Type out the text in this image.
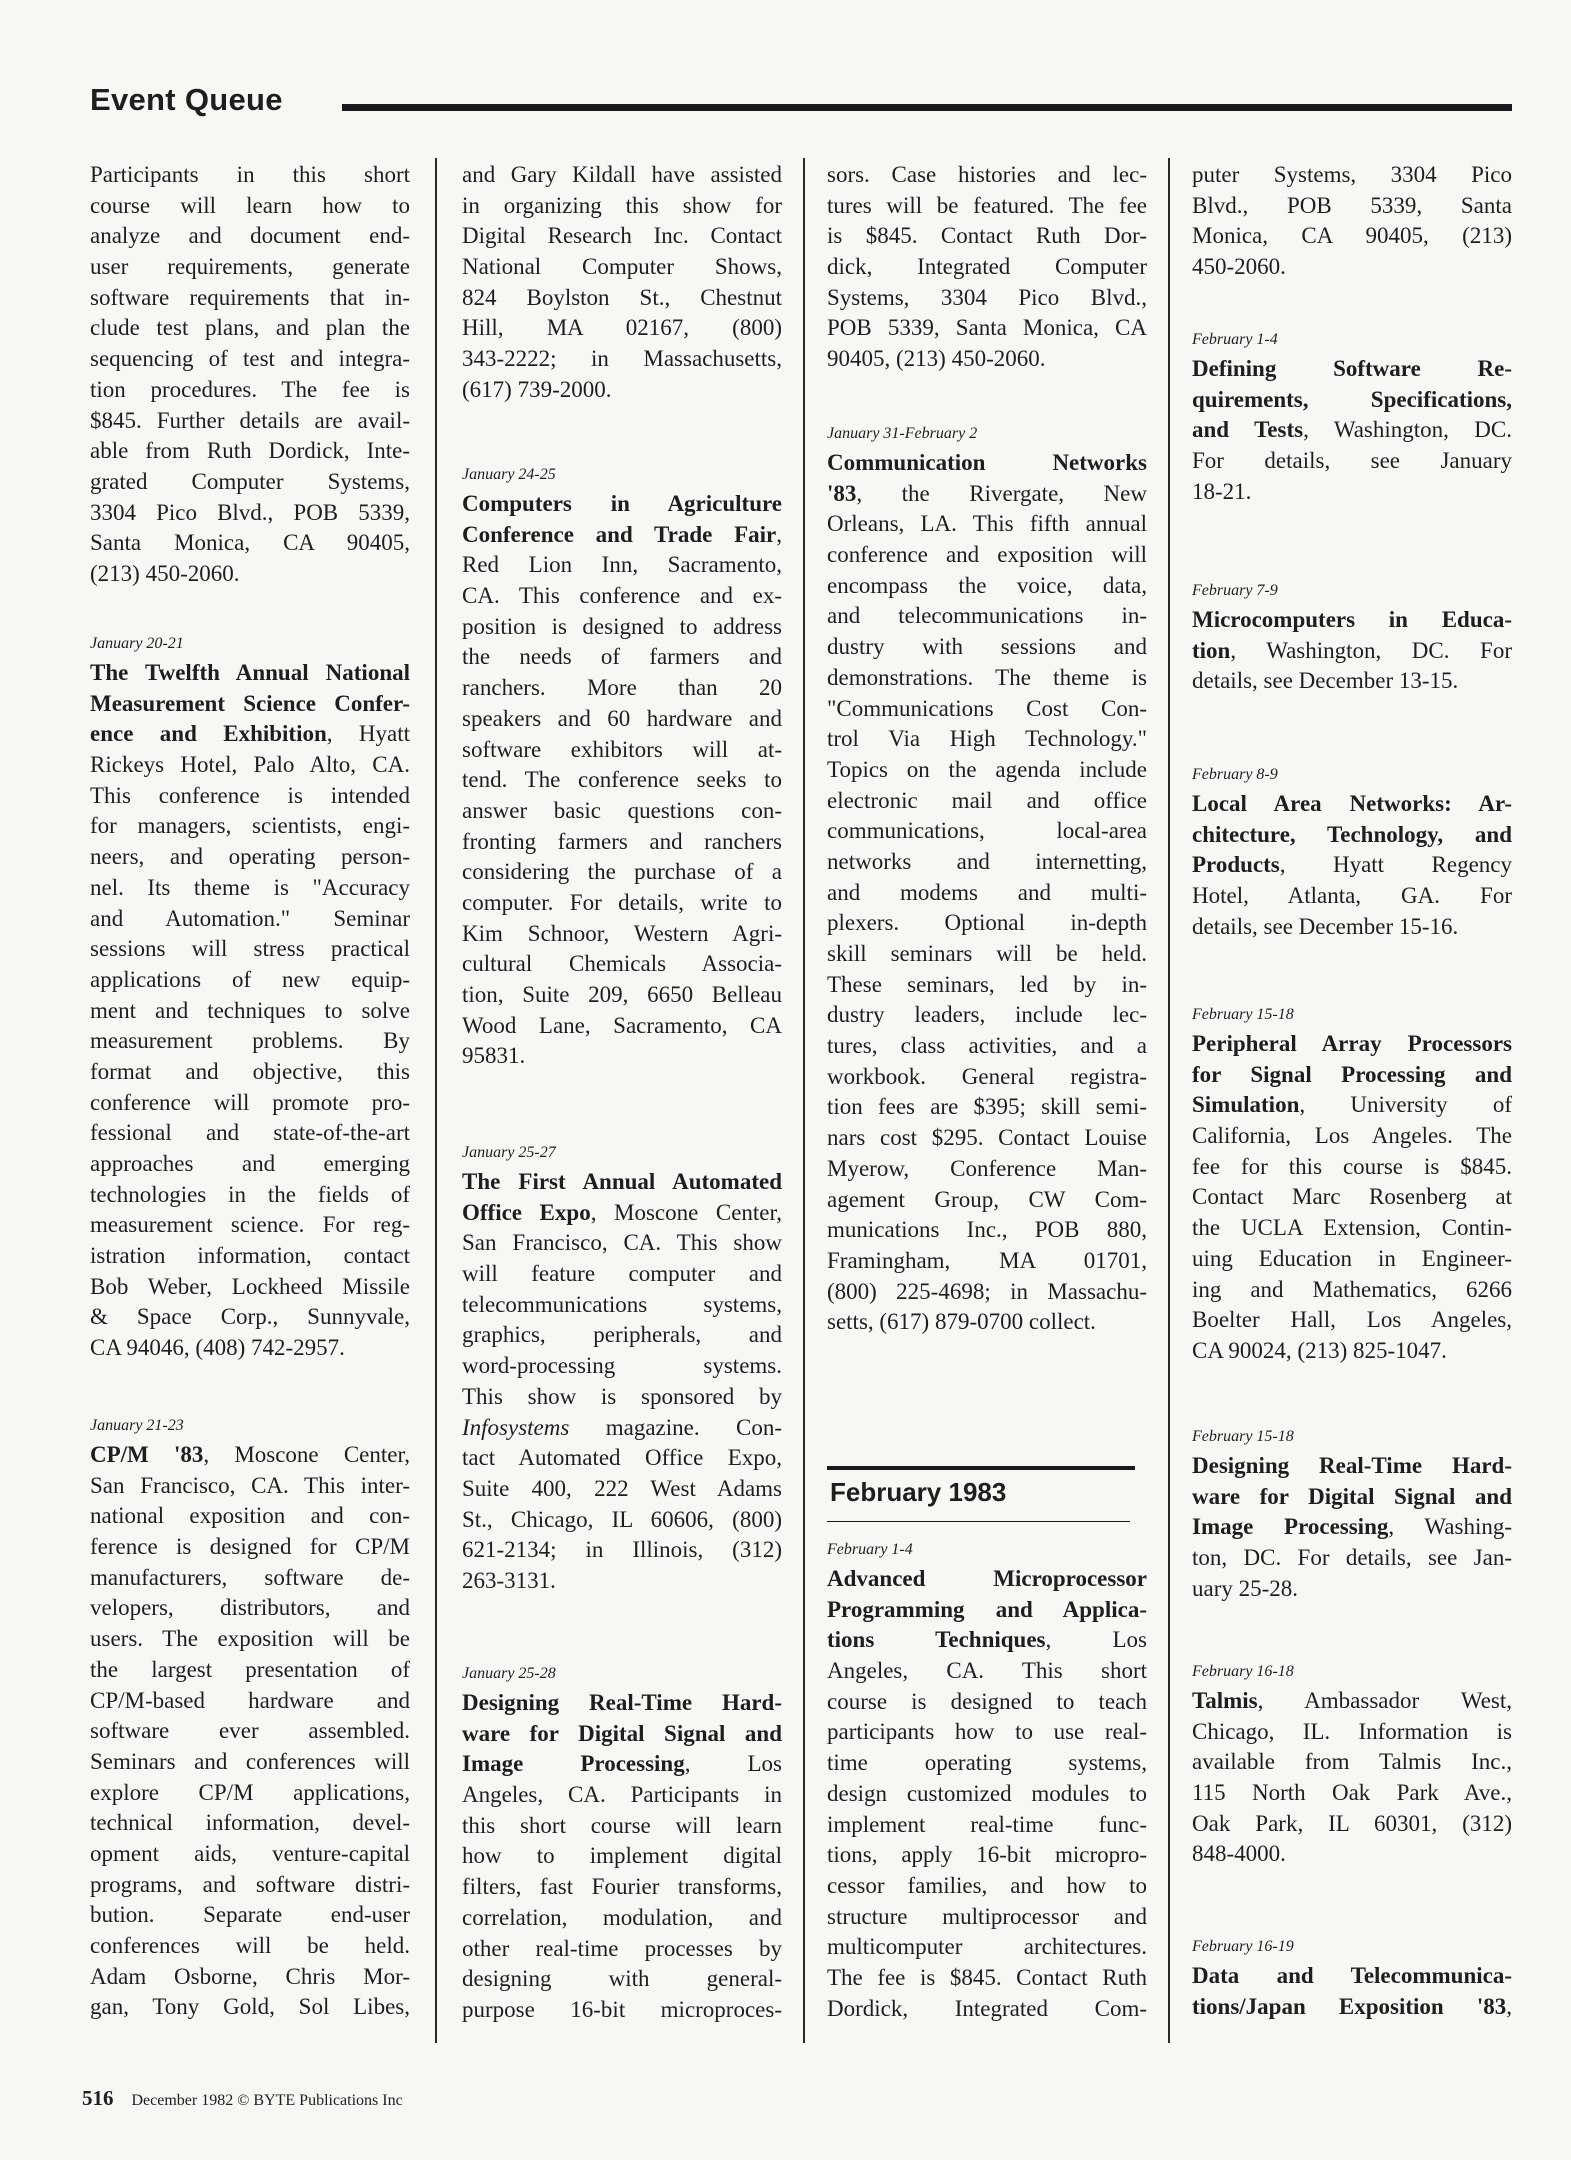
Event Queue
Participants in this short
course will learn how to
analyze and document end-
user requirements, generate
software requirements that in-
clude test plans, and plan the
sequencing of test and integra-
tion procedures. The fee is
$845. Further details are avail-
able from Ruth Dordick, Inte-
grated Computer Systems,
3304 Pico Blvd., POB 5339,
Santa Monica, CA 90405,
(213) 450-2060.
January 20-21
The Twelfth Annual National
Measurement Science Confer-
ence and Exhibition, Hyatt
Rickeys Hotel, Palo Alto, CA.
This conference is intended
for managers, scientists, engi-
neers, and operating person-
nel. Its theme is "Accuracy
and Automation." Seminar
sessions will stress practical
applications of new equip-
ment and techniques to solve
measurement problems. By
format and objective, this
conference will promote pro-
fessional and state-of-the-art
approaches and emerging
technologies in the fields of
measurement science. For reg-
istration information, contact
Bob Weber, Lockheed Missile
& Space Corp., Sunnyvale,
CA 94046, (408) 742-2957.
January 21-23
CP/M '83, Moscone Center,
San Francisco, CA. This inter-
national exposition and con-
ference is designed for CP/M
manufacturers, software de-
velopers, distributors, and
users. The exposition will be
the largest presentation of
CP/M-based hardware and
software ever assembled.
Seminars and conferences will
explore CP/M applications,
technical information, devel-
opment aids, venture-capital
programs, and software distri-
bution. Separate end-user
conferences will be held.
Adam Osborne, Chris Mor-
gan, Tony Gold, Sol Libes,
and Gary Kildall have assisted
in organizing this show for
Digital Research Inc. Contact
National Computer Shows,
824 Boylston St., Chestnut
Hill, MA 02167, (800)
343-2222; in Massachusetts,
(617) 739-2000.
January 24-25
Computers in Agriculture
Conference and Trade Fair,
Red Lion Inn, Sacramento,
CA. This conference and ex-
position is designed to address
the needs of farmers and
ranchers. More than 20
speakers and 60 hardware and
software exhibitors will at-
tend. The conference seeks to
answer basic questions con-
fronting farmers and ranchers
considering the purchase of a
computer. For details, write to
Kim Schnoor, Western Agri-
cultural Chemicals Associa-
tion, Suite 209, 6650 Belleau
Wood Lane, Sacramento, CA
95831.
January 25-27
The First Annual Automated
Office Expo, Moscone Center,
San Francisco, CA. This show
will feature computer and
telecommunications systems,
graphics, peripherals, and
word-processing systems.
This show is sponsored by
Infosystems magazine. Con-
tact Automated Office Expo,
Suite 400, 222 West Adams
St., Chicago, IL 60606, (800)
621-2134; in Illinois, (312)
263-3131.
January 25-28
Designing Real-Time Hard-
ware for Digital Signal and
Image Processing, Los
Angeles, CA. Participants in
this short course will learn
how to implement digital
filters, fast Fourier transforms,
correlation, modulation, and
other real-time processes by
designing with general-
purpose 16-bit microproces-
sors. Case histories and lec-
tures will be featured. The fee
is $845. Contact Ruth Dor-
dick, Integrated Computer
Systems, 3304 Pico Blvd.,
POB 5339, Santa Monica, CA
90405, (213) 450-2060.
January 31-February 2
Communication Networks
'83, the Rivergate, New
Orleans, LA. This fifth annual
conference and exposition will
encompass the voice, data,
and telecommunications in-
dustry with sessions and
demonstrations. The theme is
"Communications Cost Con-
trol Via High Technology."
Topics on the agenda include
electronic mail and office
communications, local-area
networks and internetting,
and modems and multi-
plexers. Optional in-depth
skill seminars will be held.
These seminars, led by in-
dustry leaders, include lec-
tures, class activities, and a
workbook. General registra-
tion fees are $395; skill semi-
nars cost $295. Contact Louise
Myerow, Conference Man-
agement Group, CW Com-
munications Inc., POB 880,
Framingham, MA 01701,
(800) 225-4698; in Massachu-
setts, (617) 879-0700 collect.
February 1-4
Advanced Microprocessor
Programming and Applica-
tions Techniques, Los
Angeles, CA. This short
course is designed to teach
participants how to use real-
time operating systems,
design customized modules to
implement real-time func-
tions, apply 16-bit micropro-
cessor families, and how to
structure multiprocessor and
multicomputer architectures.
The fee is $845. Contact Ruth
Dordick, Integrated Com-
puter Systems, 3304 Pico
Blvd., POB 5339, Santa
Monica, CA 90405, (213)
450-2060.
February 1-4
Defining Software Re-
quirements, Specifications,
and Tests, Washington, DC.
For details, see January
18-21.
February 7-9
Microcomputers in Educa-
tion, Washington, DC. For
details, see December 13-15.
February 8-9
Local Area Networks: Ar-
chitecture, Technology, and
Products, Hyatt Regency
Hotel, Atlanta, GA. For
details, see December 15-16.
February 15-18
Peripheral Array Processors
for Signal Processing and
Simulation, University of
California, Los Angeles. The
fee for this course is $845.
Contact Marc Rosenberg at
the UCLA Extension, Contin-
uing Education in Engineer-
ing and Mathematics, 6266
Boelter Hall, Los Angeles,
CA 90024, (213) 825-1047.
February 15-18
Designing Real-Time Hard-
ware for Digital Signal and
Image Processing, Washing-
ton, DC. For details, see Jan-
uary 25-28.
February 16-18
Talmis, Ambassador West,
Chicago, IL. Information is
available from Talmis Inc.,
115 North Oak Park Ave.,
Oak Park, IL 60301, (312)
848-4000.
February 16-19
Data and Telecommunica-
tions/Japan Exposition '83,
February 1983
516 December 1982 © BYTE Publications Inc
